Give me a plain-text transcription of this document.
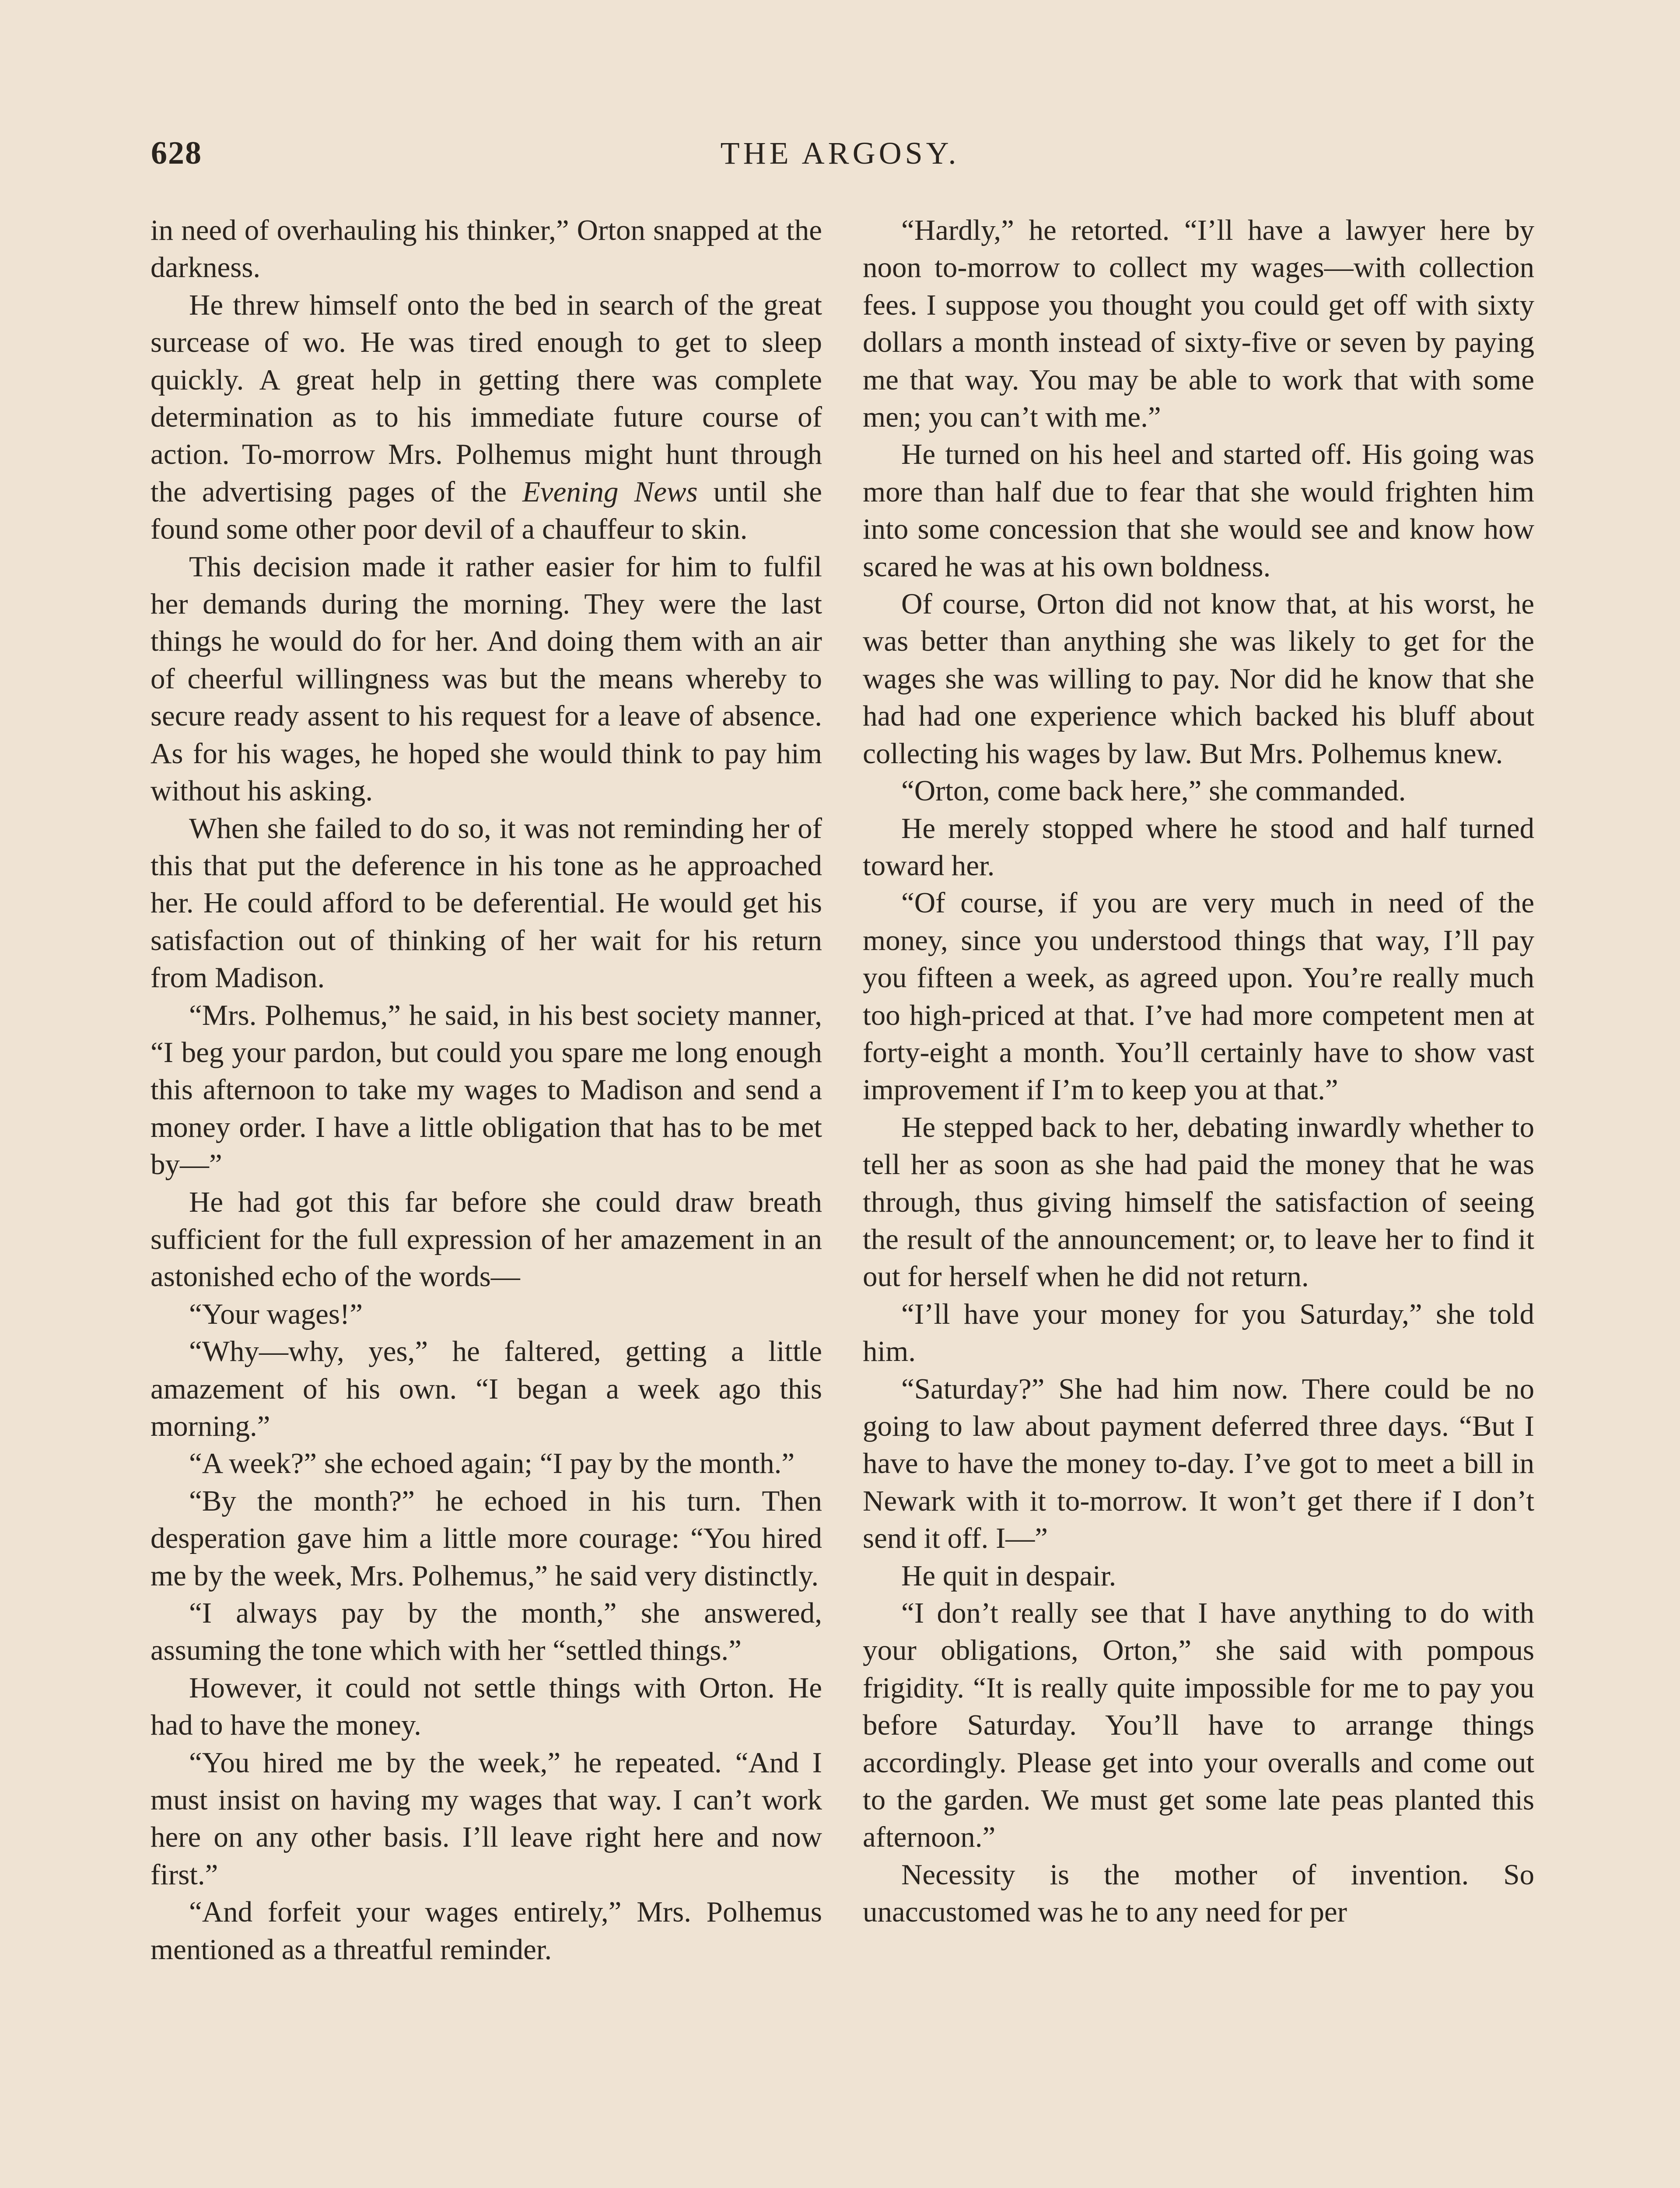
628	THE ARGOSY.

in need of overhauling his thinker,” Orton snapped at the darkness.

He threw himself onto the bed in search of the great surcease of wo. He was tired enough to get to sleep quickly. A great help in getting there was complete determination as to his immediate future course of action. To-morrow Mrs. Polhemus might hunt through the advertising pages of the Evening News until she found some other poor devil of a chauffeur to skin.

This decision made it rather easier for him to fulfil her demands during the morning. They were the last things he would do for her. And doing them with an air of cheerful willingness was but the means whereby to secure ready assent to his request for a leave of absence. As for his wages, he hoped she would think to pay him without his asking.

When she failed to do so, it was not reminding her of this that put the deference in his tone as he approached her. He could afford to be deferential. He would get his satisfaction out of thinking of her wait for his return from Madison.

“Mrs. Polhemus,” he said, in his best society manner, “I beg your pardon, but could you spare me long enough this afternoon to take my wages to Madison and send a money order. I have a little obligation that has to be met by—”

He had got this far before she could draw breath sufficient for the full expression of her amazement in an astonished echo of the words—

“Your wages!”

“Why—why, yes,” he faltered, getting a little amazement of his own. “I began a week ago this morning.”

“A week?” she echoed again; “I pay by the month.”

“By the month?” he echoed in his turn. Then desperation gave him a little more courage: “You hired me by the week, Mrs. Polhemus,” he said very distinctly.

“I always pay by the month,” she answered, assuming the tone which with her “settled things.”

However, it could not settle things with Orton. He had to have the money.

“You hired me by the week,” he repeated. “And I must insist on having my wages that way. I can’t work here on any other basis. I’ll leave right here and now first.”

“And forfeit your wages entirely,” Mrs. Polhemus mentioned as a threatful reminder.

“Hardly,” he retorted. “I’ll have a lawyer here by noon to-morrow to collect my wages—with collection fees. I suppose you thought you could get off with sixty dollars a month instead of sixty-five or seven by paying me that way. You may be able to work that with some men; you can’t with me.”

He turned on his heel and started off. His going was more than half due to fear that she would frighten him into some concession that she would see and know how scared he was at his own boldness.

Of course, Orton did not know that, at his worst, he was better than anything she was likely to get for the wages she was willing to pay. Nor did he know that she had had one experience which backed his bluff about collecting his wages by law. But Mrs. Polhemus knew.

“Orton, come back here,” she commanded.

He merely stopped where he stood and half turned toward her.

“Of course, if you are very much in need of the money, since you understood things that way, I’ll pay you fifteen a week, as agreed upon. You’re really much too high-priced at that. I’ve had more competent men at forty-eight a month. You’ll certainly have to show vast improvement if I’m to keep you at that.”

He stepped back to her, debating inwardly whether to tell her as soon as she had paid the money that he was through, thus giving himself the satisfaction of seeing the result of the announcement; or, to leave her to find it out for herself when he did not return.

“I’ll have your money for you Saturday,” she told him.

“Saturday?” She had him now. There could be no going to law about payment deferred three days. “But I have to have the money to-day. I’ve got to meet a bill in Newark with it to-morrow. It won’t get there if I don’t send it off. I—”

He quit in despair.

“I don’t really see that I have anything to do with your obligations, Orton,” she said with pompous frigidity. “It is really quite impossible for me to pay you before Saturday. You’ll have to arrange things accordingly. Please get into your overalls and come out to the garden. We must get some late peas planted this afternoon.”

Necessity is the mother of invention. So unaccustomed was he to any need for per
